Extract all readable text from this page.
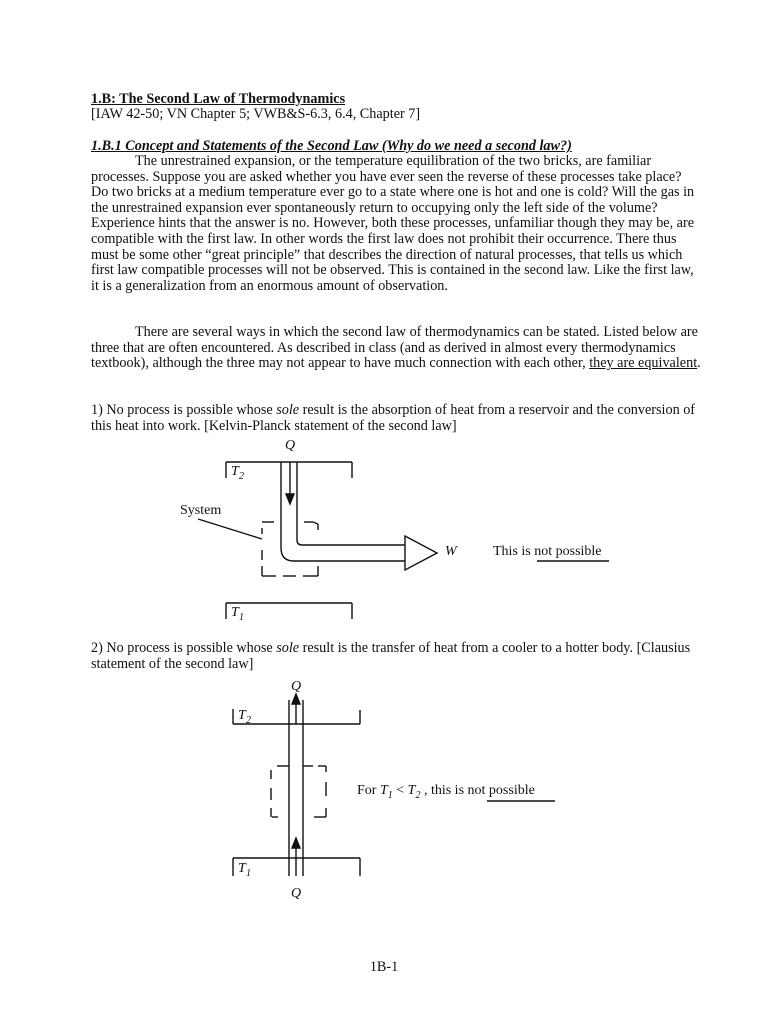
1.B: The Second Law of Thermodynamics

[IAW 42-50; VN Chapter 5; VWB&S-6.3, 6.4, Chapter 7]

1.B.1 Concept and Statements of the Second Law (Why do we need a second law?)

The unrestrained expansion, or the temperature equilibration of the two bricks, are familiar processes. Suppose you are asked whether you have ever seen the reverse of these processes take place? Do two bricks at a medium temperature ever go to a state where one is hot and one is cold? Will the gas in the unrestrained expansion ever spontaneously return to occupying only the left side of the volume? Experience hints that the answer is no. However, both these processes, unfamiliar though they may be, are compatible with the first law. In other words the first law does not prohibit their occurrence. There thus must be some other “great principle” that describes the direction of natural processes, that tells us which first law compatible processes will not be observed. This is contained in the second law. Like the first law, it is a generalization from an enormous amount of observation.

There are several ways in which the second law of thermodynamics can be stated. Listed below are three that are often encountered. As described in class (and as derived in almost every thermodynamics textbook), although the three may not appear to have much connection with each other, they are equivalent.

1) No process is possible whose sole result is the absorption of heat from a reservoir and the conversion of this heat into work. [Kelvin-Planck statement of the second law]

Q
T 2
System
W	This is not possible
T 1

2) No process is possible whose sole result is the transfer of heat from a cooler to a hotter body. [Clausius statement of the second law]

Q
T 2
T 1
Q
For $T_1 < T_2$ , this is not possible
1B-1
